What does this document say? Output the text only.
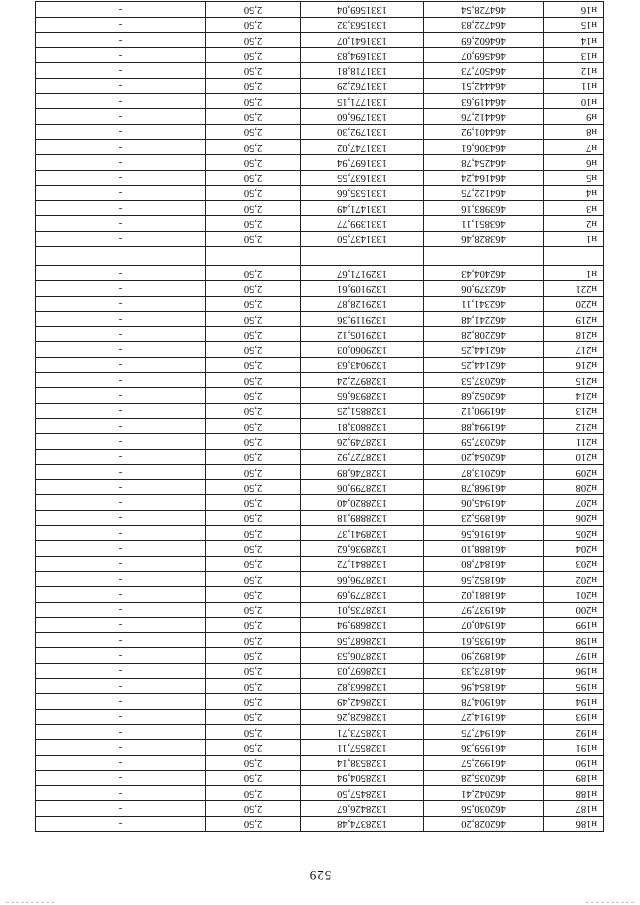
529
н186	462028,20	1328374,48	2,50	-
н187	462030,56	1328426,67	2,50	-
н188	462042,41	1328457,50	2,50	-
н189	462035,28	1328504,94	2,50	-
н190	461992,57	1328538,14	2,50	-
н191	461959,36	1328557,11	2,50	-
н192	461947,75	1328573,71	2,50	-
н193	461914,27	1328628,26	2,50	-
н194	461904,78	1328642,49	2,50	-
н195	461854,96	1328663,82	2,50	-
н196	461873,33	1328697,03	2,50	-
н197	461892,90	1328706,53	2,50	-
н198	461935,61	1328687,56	2,50	-
н199	461940,07	1328689,94	2,50	-
н200	461937,97	1328735,01	2,50	-
н201	461881,02	1328779,69	2,50	-
н202	461852,56	1328796,66	2,50	-
н203	461847,80	1328841,72	2,50	-
н204	461888,10	1328936,62	2,50	-
н205	461916,56	1328941,37	2,50	-
н206	461895,23	1328889,18	2,50	-
н207	461945,06	1328820,40	2,50	-
н208	461968,78	1328799,06	2,50	-
н209	462013,87	1328746,89	2,50	-
н210	462054,20	1328727,92	2,50	-
н211	462037,59	1328749,26	2,50	-
н212	461994,88	1328803,81	2,50	-
н213	461990,12	1328851,25	2,50	-
н214	462052,68	1328936,65	2,50	-
н215	462037,53	1328972,24	2,50	-
н216	462144,25	1329043,63	2,50	-
н217	462144,25	1329060,03	2,50	-
н218	462208,28	1329105,12	2,50	-
н219	462241,48	1329119,36	2,50	-
н220	462341,11	1329128,87	2,50	-
н221	462379,06	1329109,61	2,50	-
н1	462404,43	1329171,67	2,50	-

н1	463828,46	1331437,50	2,50	-
н2	463851,11	1331399,77	2,50	-
н3	463983,16	1331471,49	2,50	-
н4	464122,75	1331535,66	2,50	-
н5	464164,24	1331637,55	2,50	-
н6	464254,78	1331697,94	2,50	-
н7	464306,61	1331747,02	2,50	-
н8	464401,92	1331792,30	2,50	-
н9	464412,76	1331796,60	2,50	-
н10	464419,63	1331771,15	2,50	-
н11	464442,51	1331762,29	2,50	-
н12	464507,73	1331718,81	2,50	-
н13	464569,07	1331694,83	2,50	-
н14	464602,69	1331641,07	2,50	-
н15	464722,83	1331563,32	2,50	-
н16	464728,54	1331569,04	2,50	-
